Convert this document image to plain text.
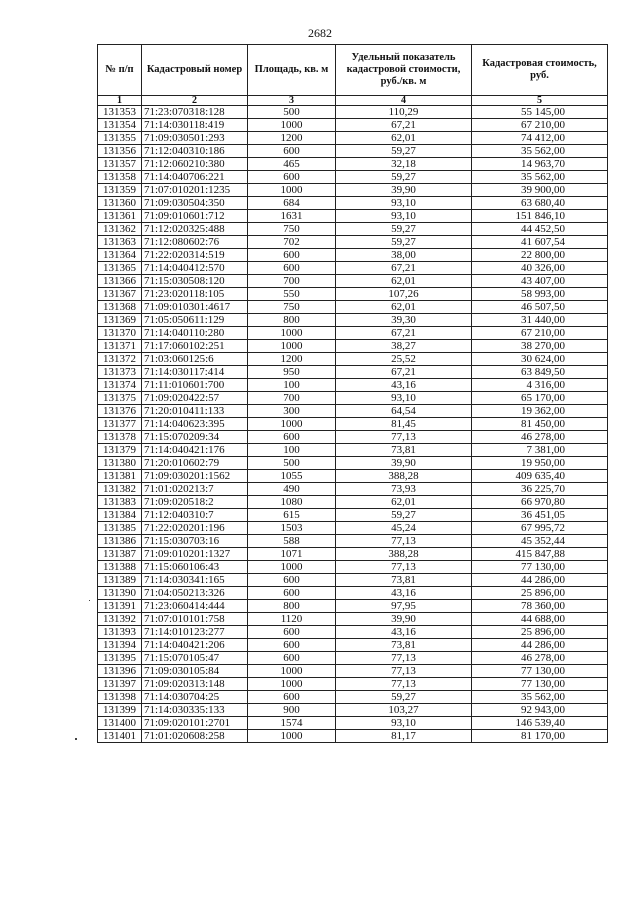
2682
№ п/п	Кадастровый номер	Площадь, кв. м	Удельный показатель кадастровой стоимости, руб./кв. м	Кадастровая стоимость, руб.
1	2	3	4	5
131353	71:23:070318:128	500	110,29	55 145,00
131354	71:14:030118:419	1000	67,21	67 210,00
131355	71:09:030501:293	1200	62,01	74 412,00
131356	71:12:040310:186	600	59,27	35 562,00
131357	71:12:060210:380	465	32,18	14 963,70
131358	71:14:040706:221	600	59,27	35 562,00
131359	71:07:010201:1235	1000	39,90	39 900,00
131360	71:09:030504:350	684	93,10	63 680,40
131361	71:09:010601:712	1631	93,10	151 846,10
131362	71:12:020325:488	750	59,27	44 452,50
131363	71:12:080602:76	702	59,27	41 607,54
131364	71:22:020314:519	600	38,00	22 800,00
131365	71:14:040412:570	600	67,21	40 326,00
131366	71:15:030508:120	700	62,01	43 407,00
131367	71:23:020118:105	550	107,26	58 993,00
131368	71:09:010301:4617	750	62,01	46 507,50
131369	71:05:050611:129	800	39,30	31 440,00
131370	71:14:040110:280	1000	67,21	67 210,00
131371	71:17:060102:251	1000	38,27	38 270,00
131372	71:03:060125:6	1200	25,52	30 624,00
131373	71:14:030117:414	950	67,21	63 849,50
131374	71:11:010601:700	100	43,16	4 316,00
131375	71:09:020422:57	700	93,10	65 170,00
131376	71:20:010411:133	300	64,54	19 362,00
131377	71:14:040623:395	1000	81,45	81 450,00
131378	71:15:070209:34	600	77,13	46 278,00
131379	71:14:040421:176	100	73,81	7 381,00
131380	71:20:010602:79	500	39,90	19 950,00
131381	71:09:030201:1562	1055	388,28	409 635,40
131382	71:01:020213:7	490	73,93	36 225,70
131383	71:09:020518:2	1080	62,01	66 970,80
131384	71:12:040310:7	615	59,27	36 451,05
131385	71:22:020201:196	1503	45,24	67 995,72
131386	71:15:030703:16	588	77,13	45 352,44
131387	71:09:010201:1327	1071	388,28	415 847,88
131388	71:15:060106:43	1000	77,13	77 130,00
131389	71:14:030341:165	600	73,81	44 286,00
131390	71:04:050213:326	600	43,16	25 896,00
131391	71:23:060414:444	800	97,95	78 360,00
131392	71:07:010101:758	1120	39,90	44 688,00
131393	71:14:010123:277	600	43,16	25 896,00
131394	71:14:040421:206	600	73,81	44 286,00
131395	71:15:070105:47	600	77,13	46 278,00
131396	71:09:030105:84	1000	77,13	77 130,00
131397	71:09:020313:148	1000	77,13	77 130,00
131398	71:14:030704:25	600	59,27	35 562,00
131399	71:14:030335:133	900	103,27	92 943,00
131400	71:09:020101:2701	1574	93,10	146 539,40
131401	71:01:020608:258	1000	81,17	81 170,00
